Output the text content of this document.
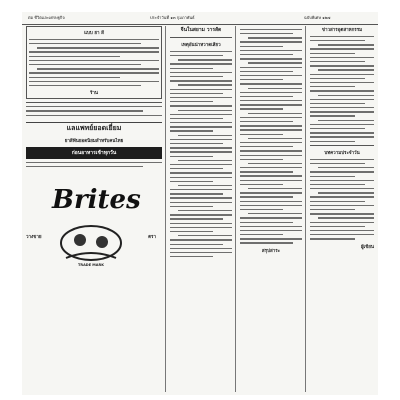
ต่อ ชีวิตและเศรษฐกิจ	ประจำวันที่ ๑๓ กุมภาพันธ์	ฉบับพิเศษ ๑๒๗
แบบ ยา สี
ร้าน
แลแพทย์ยอดเยี่ยม
ยาสีฟันยอดนิยมสำหรับคนไทย
ก่อนอาหารเช้าทุกวัน
Brites
วางขาย	ตรา
TRADE MARK
จีนในสยาม วารสัด
เหตุอันน่าหวาดเสียว
สรุปสาระ
ข่าวสารอุตสาหกรรม
บทความประจำวัน
ผู้เขียน
